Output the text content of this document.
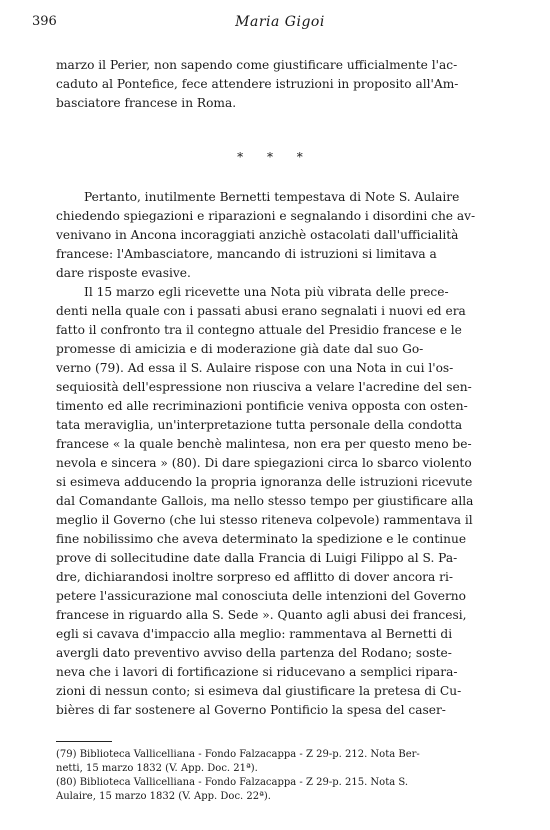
396	Maria Gigoi
marzo il Perier, non sapendo come giustificare ufficialmente l'ac-
caduto al Pontefice, fece attendere istruzioni in proposito all'Am-
basciatore francese in Roma.
* * *
Pertanto, inutilmente Bernetti tempestava di Note S. Aulaire
chiedendo spiegazioni e riparazioni e segnalando i disordini che av-
venivano in Ancona incoraggiati anzichè ostacolati dall'ufficialità
francese: l'Ambasciatore, mancando di istruzioni si limitava a
dare risposte evasive.
Il 15 marzo egli ricevette una Nota più vibrata delle prece-
denti nella quale con i passati abusi erano segnalati i nuovi ed era
fatto il confronto tra il contegno attuale del Presidio francese e le
promesse di amicizia e di moderazione già date dal suo Go-
verno (79). Ad essa il S. Aulaire rispose con una Nota in cui l'os-
sequiosità dell'espressione non riusciva a velare l'acredine del sen-
timento ed alle recriminazioni pontificie veniva opposta con osten-
tata meraviglia, un'interpretazione tutta personale della condotta
francese « la quale benchè malintesa, non era per questo meno be-
nevola e sincera » (80). Di dare spiegazioni circa lo sbarco violento
si esimeva adducendo la propria ignoranza delle istruzioni ricevute
dal Comandante Gallois, ma nello stesso tempo per giustificare alla
meglio il Governo (che lui stesso riteneva colpevole) rammentava il
fine nobilissimo che aveva determinato la spedizione e le continue
prove di sollecitudine date dalla Francia di Luigi Filippo al S. Pa-
dre, dichiarandosi inoltre sorpreso ed afflitto di dover ancora ri-
petere l'assicurazione mal conosciuta delle intenzioni del Governo
francese in riguardo alla S. Sede ». Quanto agli abusi dei francesi,
egli si cavava d'impaccio alla meglio: rammentava al Bernetti di
avergli dato preventivo avviso della partenza del Rodano; soste-
neva che i lavori di fortificazione si riducevano a semplici ripara-
zioni di nessun conto; si esimeva dal giustificare la pretesa di Cu-
bières di far sostenere al Governo Pontificio la spesa del caser-
(79) Biblioteca Vallicelliana - Fondo Falzacappa - Z 29-p. 212. Nota Ber-
netti, 15 marzo 1832 (V. App. Doc. 21ª).
(80) Biblioteca Vallicelliana - Fondo Falzacappa - Z 29-p. 215. Nota S.
Aulaire, 15 marzo 1832 (V. App. Doc. 22ª).
